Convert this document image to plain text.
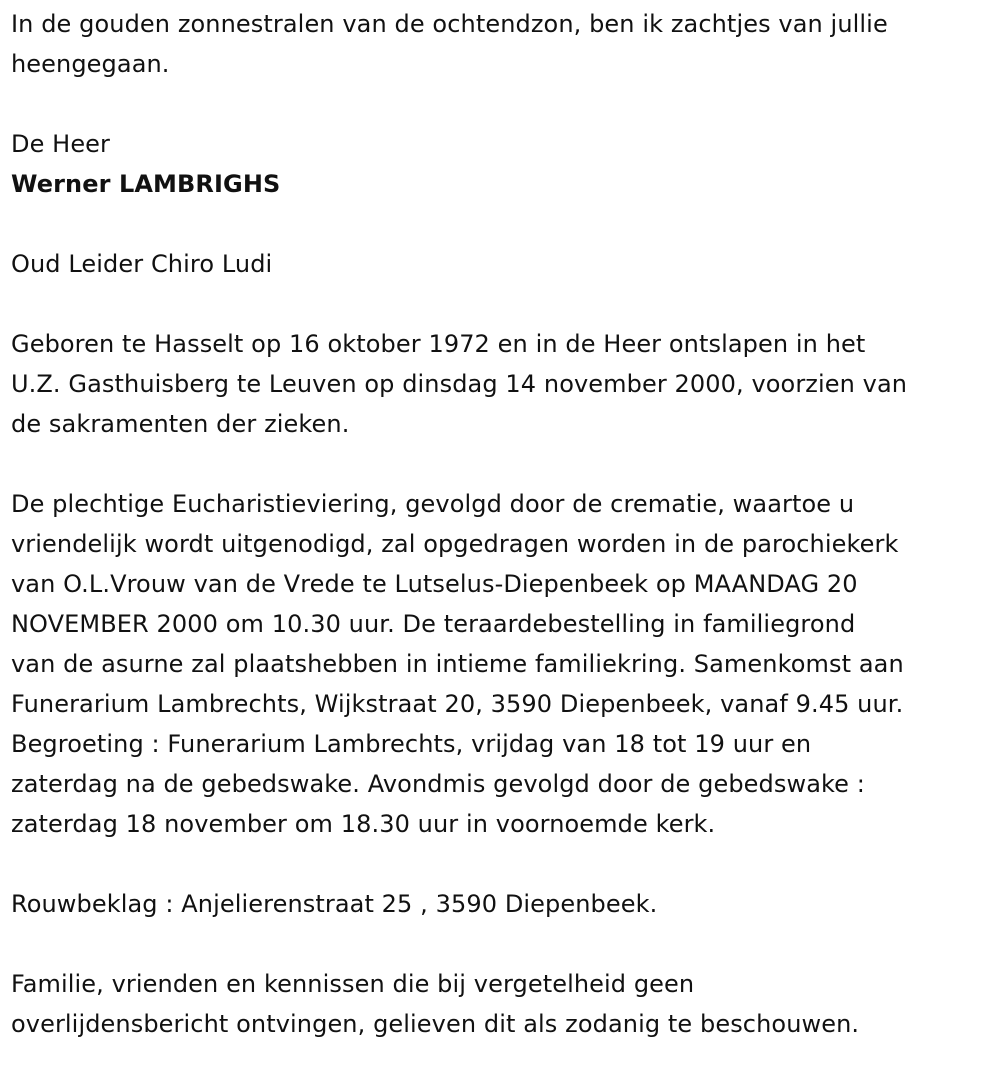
In de gouden zonnestralen van de ochtendzon, ben ik zachtjes van jullie
heengegaan.
De Heer
Werner LAMBRIGHS
Oud Leider Chiro Ludi
Geboren te Hasselt op 16 oktober 1972 en in de Heer ontslapen in het
U.Z. Gasthuisberg te Leuven op dinsdag 14 november 2000, voorzien van
de sakramenten der zieken.
De plechtige Eucharistieviering, gevolgd door de crematie, waartoe u
vriendelijk wordt uitgenodigd, zal opgedragen worden in de parochiekerk
van O.L.Vrouw van de Vrede te Lutselus-Diepenbeek op MAANDAG 20
NOVEMBER 2000 om 10.30 uur. De teraardebestelling in familiegrond
van de asurne zal plaatshebben in intieme familiekring. Samenkomst aan
Funerarium Lambrechts, Wijkstraat 20, 3590 Diepenbeek, vanaf 9.45 uur.
Begroeting : Funerarium Lambrechts, vrijdag van 18 tot 19 uur en
zaterdag na de gebedswake. Avondmis gevolgd door de gebedswake :
zaterdag 18 november om 18.30 uur in voornoemde kerk.
Rouwbeklag : Anjelierenstraat 25 , 3590 Diepenbeek.
Familie, vrienden en kennissen die bij vergetelheid geen
overlijdensbericht ontvingen, gelieven dit als zodanig te beschouwen.
